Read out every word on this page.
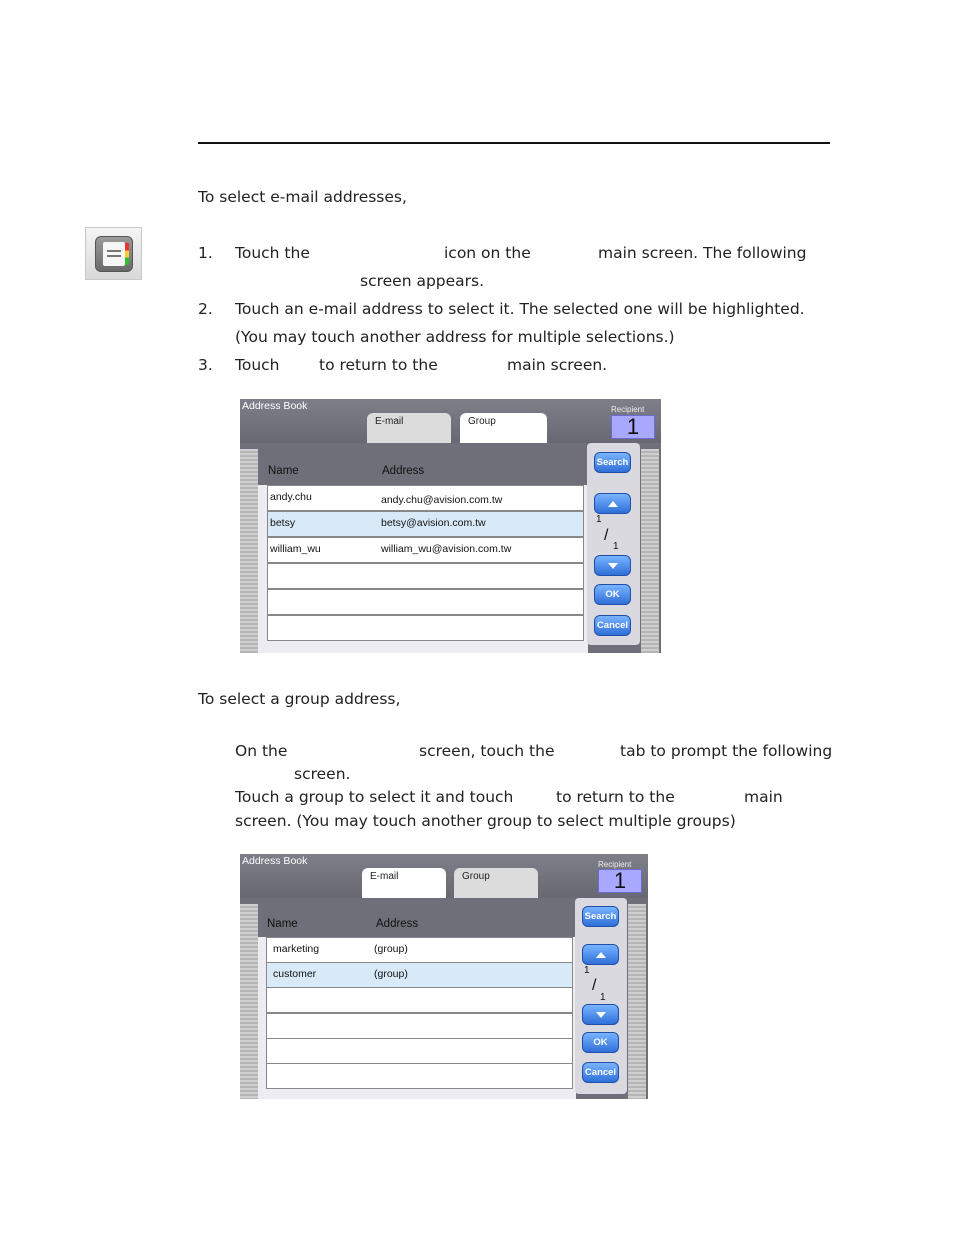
To select e-mail addresses,
1. Touch the	icon on the	main screen. The following
screen appears.
2. Touch an e-mail address to select it. The selected one will be highlighted.
(You may touch another address for multiple selections.)
3. Touch	to return to the	main screen.
Address Book
E-mail	Group
Recipient
1
Name	Address
andy.chu	andy.chu@avision.com.tw
betsy	betsy@avision.com.tw
william_wu	william_wu@avision.com.tw
Search
1
/
1
OK
Cancel
To select a group address,
On the	screen, touch the	tab to prompt the following
screen.
Touch a group to select it and touch	to return to the	main
screen. (You may touch another group to select multiple groups)
Address Book
E-mail	Group
Recipient
1
Name	Address
marketing	(group)
customer	(group)
Search
1
/
1
OK
Cancel
